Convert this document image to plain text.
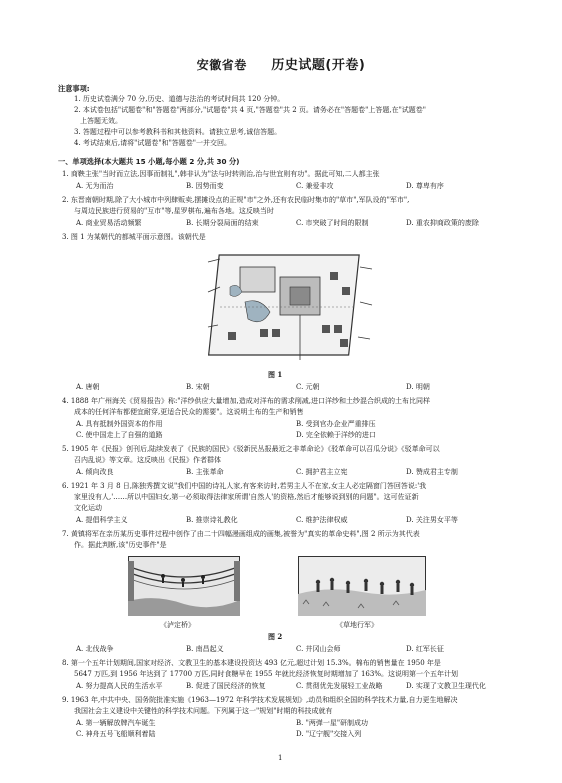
安徽省卷 历史试题(开卷)
注意事项:
1. 历史试卷满分 70 分,历史、道德与法治的考试时间共 120 分钟。
2. 本试卷包括"试题卷"和"答题卷"两部分,"试题卷"共 4 页,"答题卷"共 2 页。请务必在"答题卷"上答题,在"试题卷"
上答题无效。
3. 答题过程中可以参考教科书和其他资料。请独立思考,诚信答题。
4. 考试结束后,请将"试题卷"和"答题卷"一并交回。
一、单项选择(本大题共 15 小题,每小题 2 分,共 30 分)
1. 商鞅主张"当时而立法,因事而制礼",韩非认为"法与时转则治,治与世宜则有功"。据此可知,二人都主张
A. 无为而治	B. 因势而变	C. 兼爱非攻	D. 尊卑有序
2. 东晋南朝时期,除了大小城市中列肆贩卖,摆摊设点的正规"市"之外,还有农民临时集市的"草市",军队设的"军市",
与周边民族进行贸易的"互市"等,星罗棋布,遍布各地。这反映当时
A. 商业贸易活动频繁	B. 长期分裂局面的结束	C. 市突破了时间的限制	D. 重农抑商政策的废除
3. 图 1 为某朝代的都城平面示意图。该朝代是
图 1
A. 唐朝	B. 宋朝	C. 元朝	D. 明朝
4. 1888 年广州海关《贸易报告》称:"洋纱供应大量增加,造成对洋布的需求削减,进口洋纱和土纱混合织成的土布比同样
成本的任何洋布都便宜耐穿,更适合民众的需要"。这说明土布的生产和销售
A. 具有抵制外国资本的作用	B. 受到官办企业严重排压
C. 使中国走上了自强的道路	D. 完全依赖于洋纱的进口
5. 1905 年《民报》创刊后,陆续发表了《民族的国民》《驳新民丛报最近之非革命论》《驳革命可以召瓜分说》《驳革命可以
召内乱说》等文章。这反映出《民报》作者群体
A. 倾向改良	B. 主张革命	C. 拥护君主立宪	D. 赞成君主专制
6. 1921 年 3 月 8 日,陈独秀撰文说"我们中国的诗礼人家,有客来访时,若男主人不在家,女主人必定隔窗门答回答说:'我
家里没有人,'……所以中国妇女,第一必须取得法律家所谓'自然人'的资格,然后才能够说到别的问题"。这可佐证新
文化运动
A. 提倡科学主义	B. 推崇诗礼教化	C. 维护法律权威	D. 关注男女平等
7. 黄镇将军在亲历某历史事件过程中创作了由二十四幅漫画组成的画集,被誉为"真实的革命史料",图 2 所示为其代表
作。据此判断,该"历史事件"是
《泸定桥》	《草地行军》
图 2
A. 北伐战争	B. 南昌起义	C. 井冈山会师	D. 红军长征
8. 第一个五年计划期间,国家对经济、文教卫生的基本建设投资达 493 亿元,超过计划 15.3%。棉布的销售量在 1950 年是
5647 万匹,到 1956 年达到了 17700 万匹,同时食糖早在 1955 年就比经济恢复时期增加了 163%。这说明第一个五年计划
A. 努力提高人民的生活水平	B. 促进了国民经济的恢复	C. 贯彻优先发展轻工业战略	D. 实现了文教卫生现代化
9. 1963 年,中共中央、国务院批准实施《1963—1972 年科学技术发展规划》,动员和组织全国的科学技术力量,自力更生地解决
我国社会主义建设中关键性的科学技术问题。下列属于这一"规划"时期的科技成就有
A. 第一辆解放牌汽车诞生	B. "两弹一星"研制成功
C. 神舟五号飞船顺利着陆	D. "辽宁舰"交接入列
1
